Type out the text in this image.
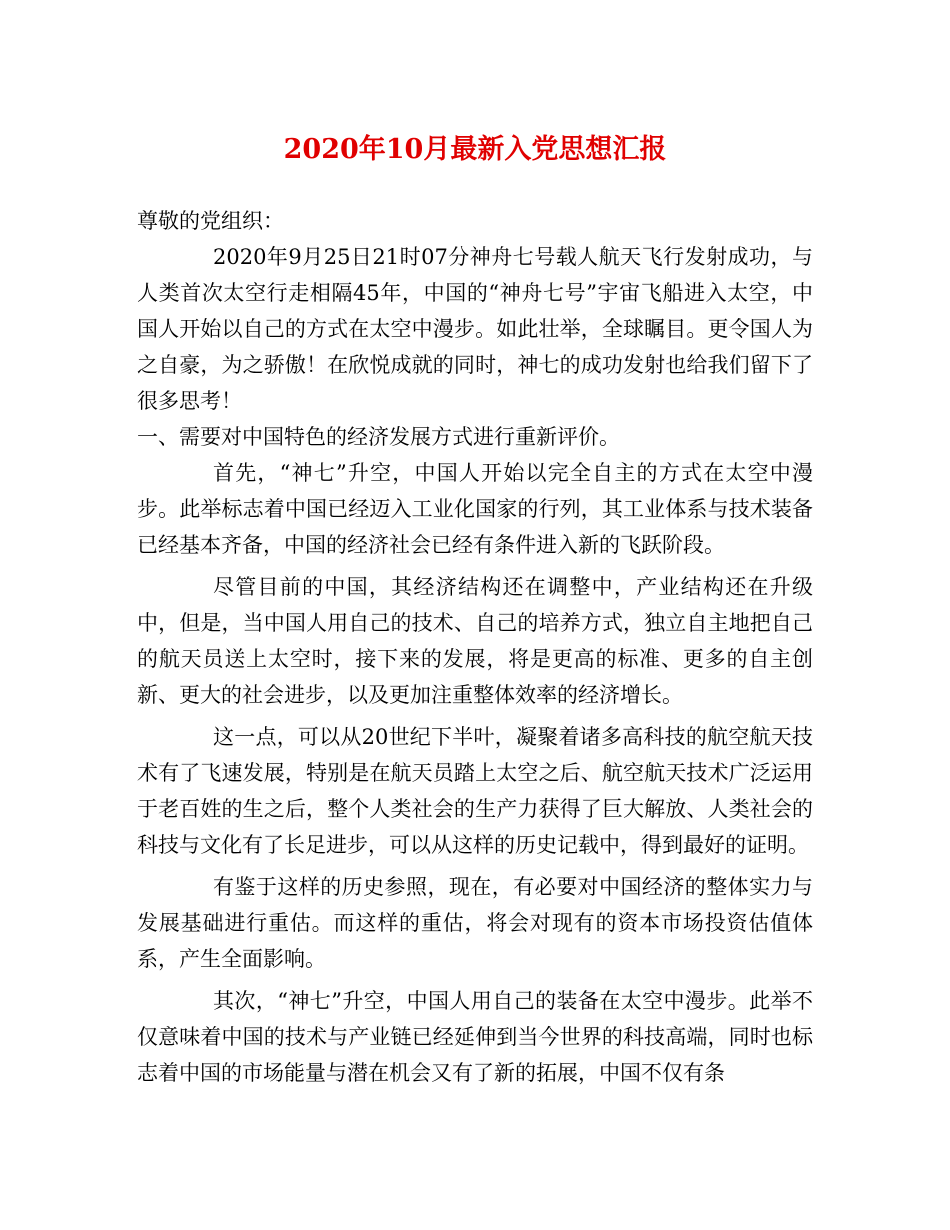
2020年10月最新入党思想汇报

尊敬的党组织：

2020年9月25日21时07分神舟七号载人航天飞行发射成功，与人类首次太空行走相隔45年，中国的“神舟七号”宇宙飞船进入太空，中国人开始以自己的方式在太空中漫步。如此壮举，全球瞩目。更令国人为之自豪，为之骄傲！在欣悦成就的同时，神七的成功发射也给我们留下了很多思考！

一、需要对中国特色的经济发展方式进行重新评价。

首先，“神七”升空，中国人开始以完全自主的方式在太空中漫步。此举标志着中国已经迈入工业化国家的行列，其工业体系与技术装备已经基本齐备，中国的经济社会已经有条件进入新的飞跃阶段。

尽管目前的中国，其经济结构还在调整中，产业结构还在升级中，但是，当中国人用自己的技术、自己的培养方式，独立自主地把自己的航天员送上太空时，接下来的发展，将是更高的标准、更多的自主创新、更大的社会进步，以及更加注重整体效率的经济增长。

这一点，可以从20世纪下半叶，凝聚着诸多高科技的航空航天技术有了飞速发展，特别是在航天员踏上太空之后、航空航天技术广泛运用于老百姓的生之后，整个人类社会的生产力获得了巨大解放、人类社会的科技与文化有了长足进步，可以从这样的历史记载中，得到最好的证明。

有鉴于这样的历史参照，现在，有必要对中国经济的整体实力与发展基础进行重估。而这样的重估，将会对现有的资本市场投资估值体系，产生全面影响。

其次，“神七”升空，中国人用自己的装备在太空中漫步。此举不仅意味着中国的技术与产业链已经延伸到当今世界的科技高端，同时也标志着中国的市场能量与潜在机会又有了新的拓展，中国不仅有条
